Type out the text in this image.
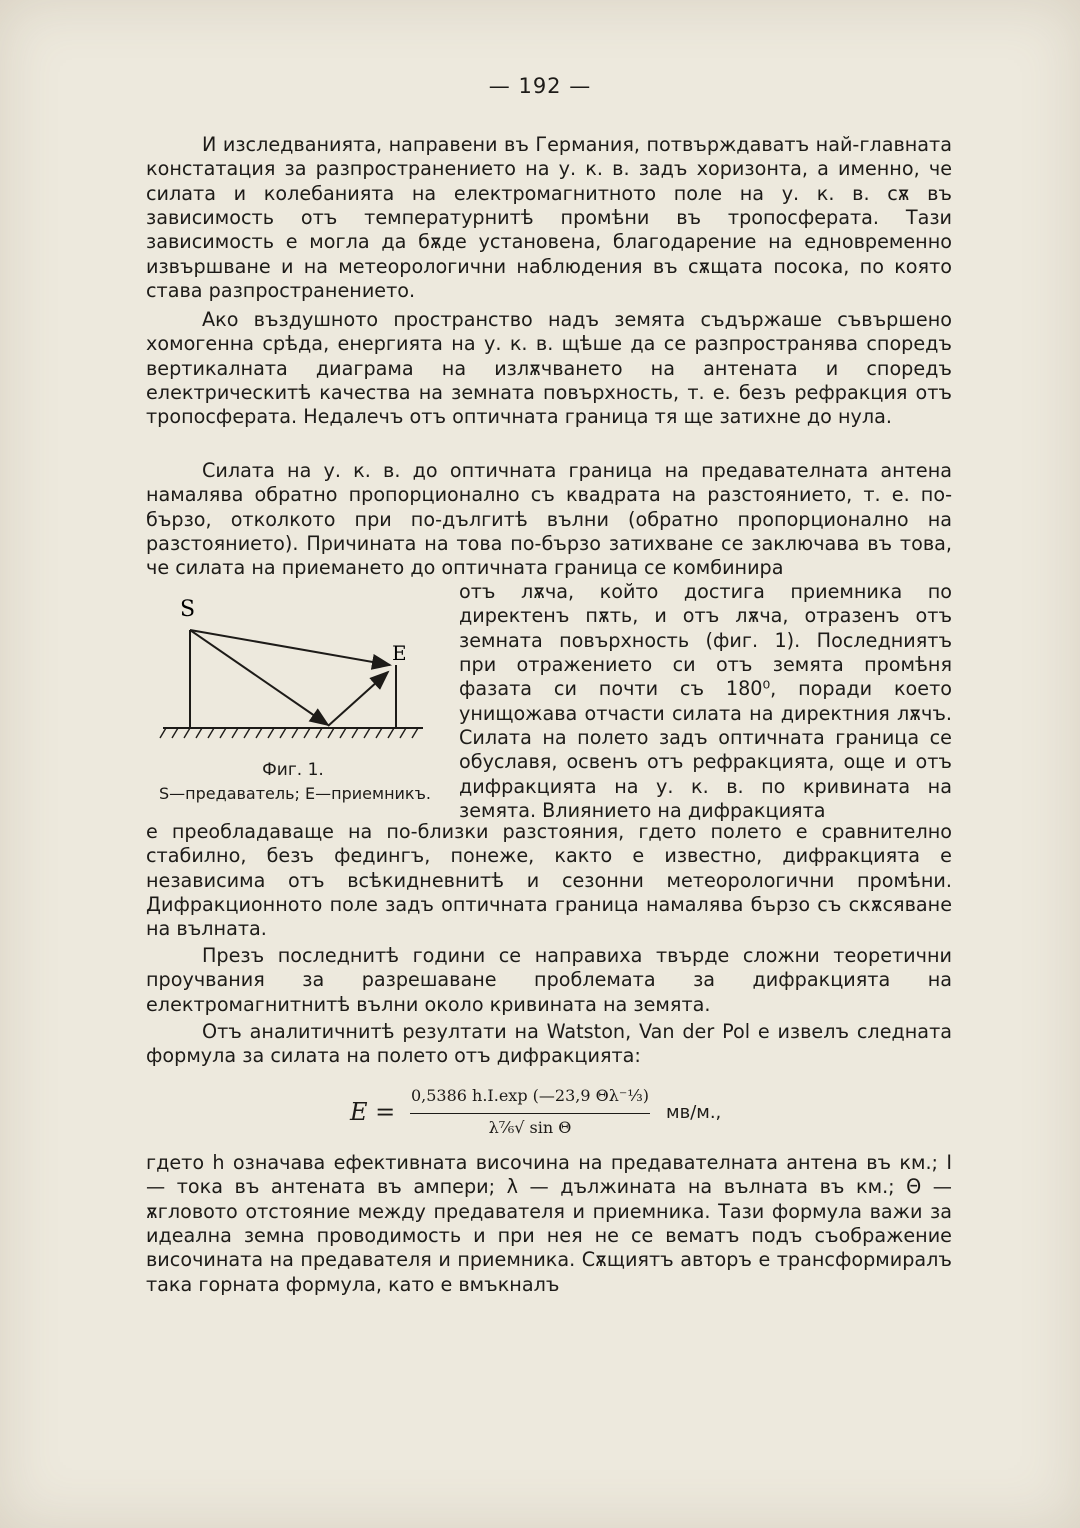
— 192 —

И изследванията, направени въ Германия, потвърждаватъ най-главната констатация за разпространението на у. к. в. задъ хоризонта, а именно, че силата и колебанията на електромагнитното поле на у. к. в. сѫ въ зависимость отъ температурнитѣ промѣни въ тропосферата. Тази зависимость е могла да бѫде установена, благодарение на едновременно извършване и на метеорологични наблюдения въ сѫщата посока, по която става разпространението.

Ако въздушното пространство надъ земята съдържаше съвършено хомогенна срѣда, енергията на у. к. в. щѣше да се разпространява споредъ вертикалната диаграма на излѫчването на антената и споредъ електрическитѣ качества на земната повърхность, т. е. безъ рефракция отъ тропосферата. Недалечъ отъ оптичната граница тя ще затихне до нула.

Силата на у. к. в. до оптичната граница на предавателната антена намалява обратно пропорционално съ квадрата на разстоянието, т. е. по-бързо, отколкото при по-дългитѣ вълни (обратно пропорционално на разстоянието). Причината на това по-бързо затихване се заключава въ това, че силата на приемането до оптичната граница се комбинира

отъ лѫча, който достига приемника по директенъ пѫть, и отъ лѫча, отразенъ отъ земната повърхность (фиг. 1). Последниятъ при отражението си отъ земята промѣня фазата си почти съ 180⁰, поради което унищожава отчасти силата на директния лѫчъ. Силата на полето задъ оптичната граница се обуславя, освенъ отъ рефракцията, още и отъ дифракцията на у. к. в. по кривината на земята. Влиянието на дифракцията

S
E
Фиг. 1.
S—предаватель; E—приемникъ.

е преобладаваще на по-близки разстояния, гдето полето е сравнително стабилно, безъ федингъ, понеже, както е известно, дифракцията е независима отъ всѣкидневнитѣ и сезонни метеорологични промѣни. Дифракционното поле задъ оптичната граница намалява бързо съ скѫсяване на вълната.

Презъ последнитѣ години се направиха твърде сложни теоретични проучвания за разрешаване проблемата за дифракцията на електромагнитнитѣ вълни около кривината на земята.

Отъ аналитичнитѣ резултати на Watston, Van der Pol е извелъ следната формула за силата на полето отъ дифракцията:

E =
0,5386 h.I.exp (—23,9 Θλ⁻⅓)
λ⁷⁄₆√ sin Θ
мв/м.,

гдето h означава ефективната височина на предавателната антена въ км.; I — тока въ антената въ ампери; λ — дължината на вълната въ км.; Θ — ѫгловото отстояние между предавателя и приемника. Тази формула важи за идеална земна проводимость и при нея не се вематъ подъ съображение височината на предавателя и приемника. Сѫщиятъ авторъ е трансформиралъ така горната формула, като е вмъкналъ
